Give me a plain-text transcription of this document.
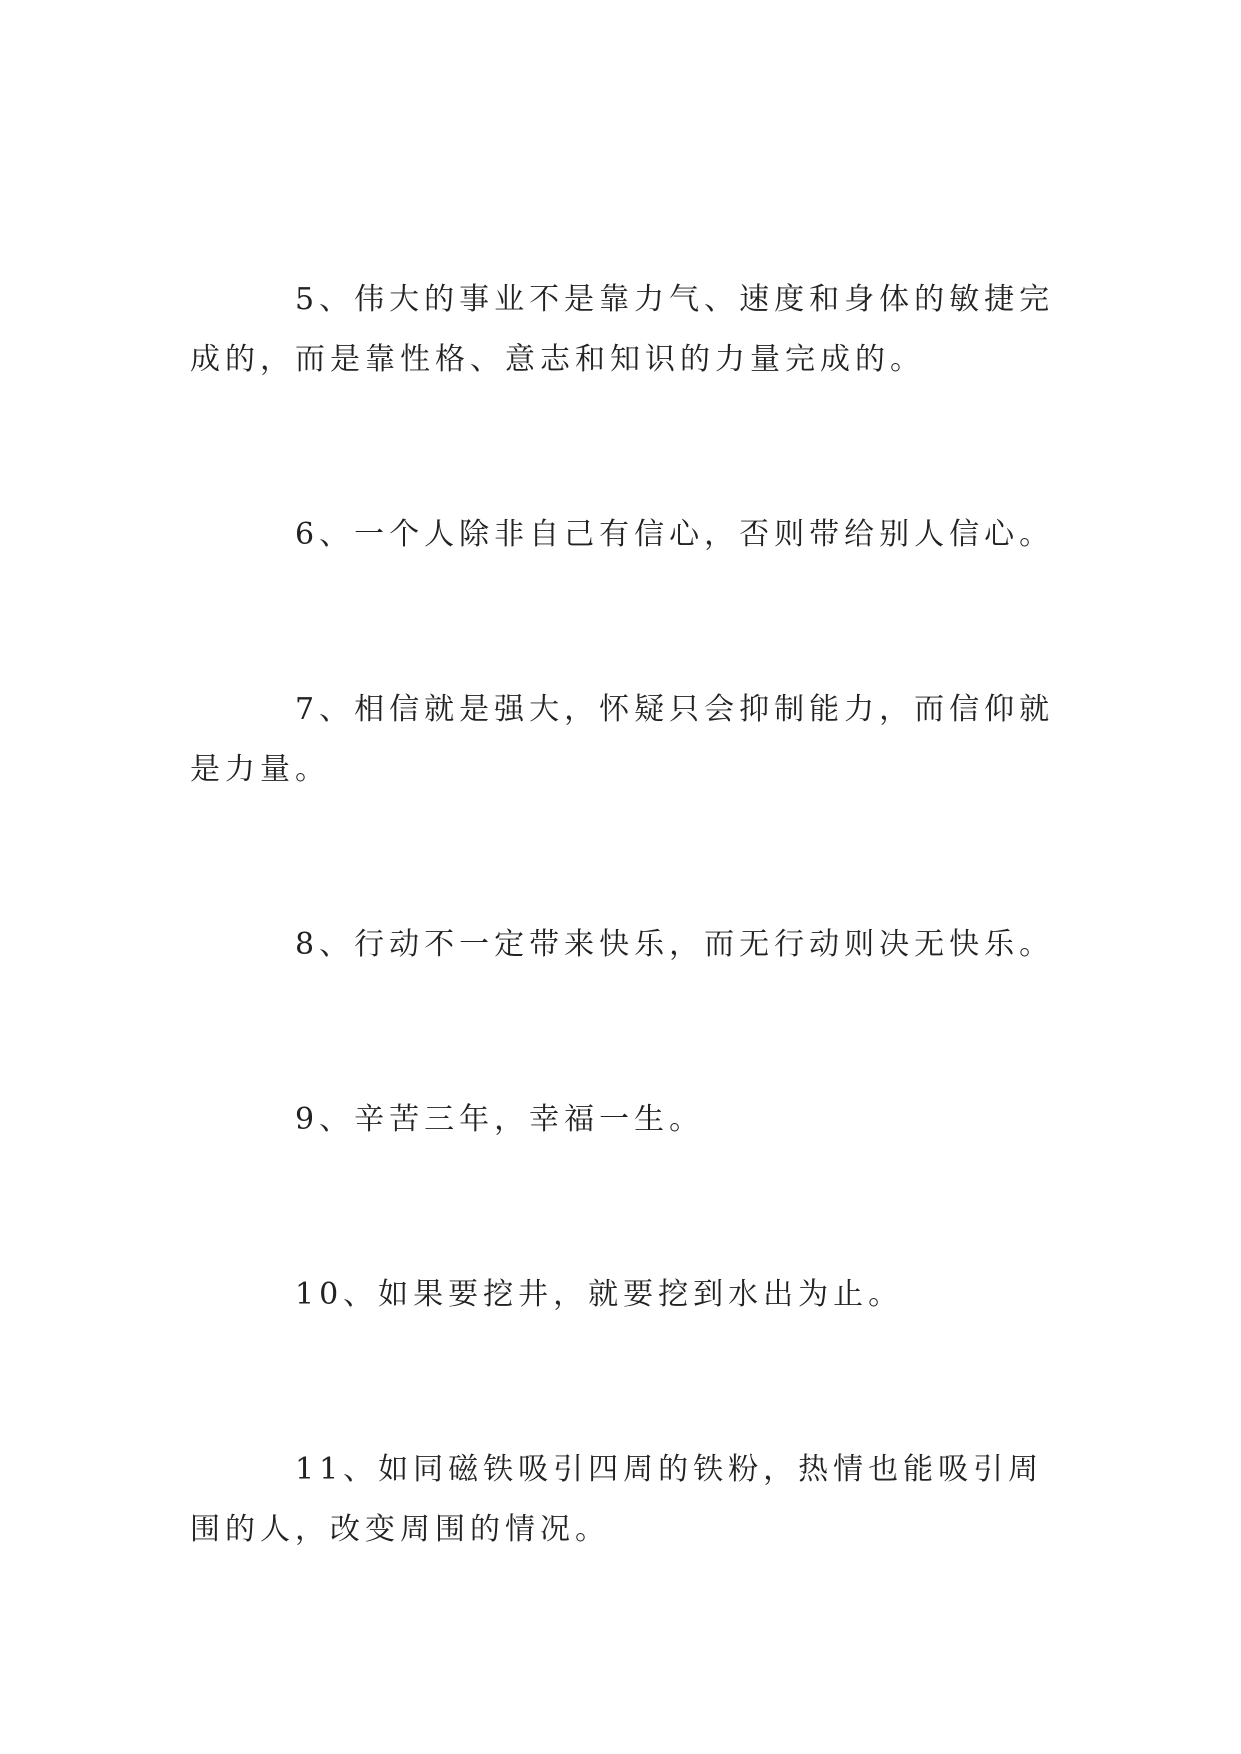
5、伟大的事业不是靠力气、速度和身体的敏捷完成的，而是靠性格、意志和知识的力量完成的。

6、一个人除非自己有信心，否则带给别人信心。

7、相信就是强大，怀疑只会抑制能力，而信仰就是力量。

8、行动不一定带来快乐，而无行动则决无快乐。

9、辛苦三年，幸福一生。

10、如果要挖井，就要挖到水出为止。

11、如同磁铁吸引四周的铁粉，热情也能吸引周围的人，改变周围的情况。
